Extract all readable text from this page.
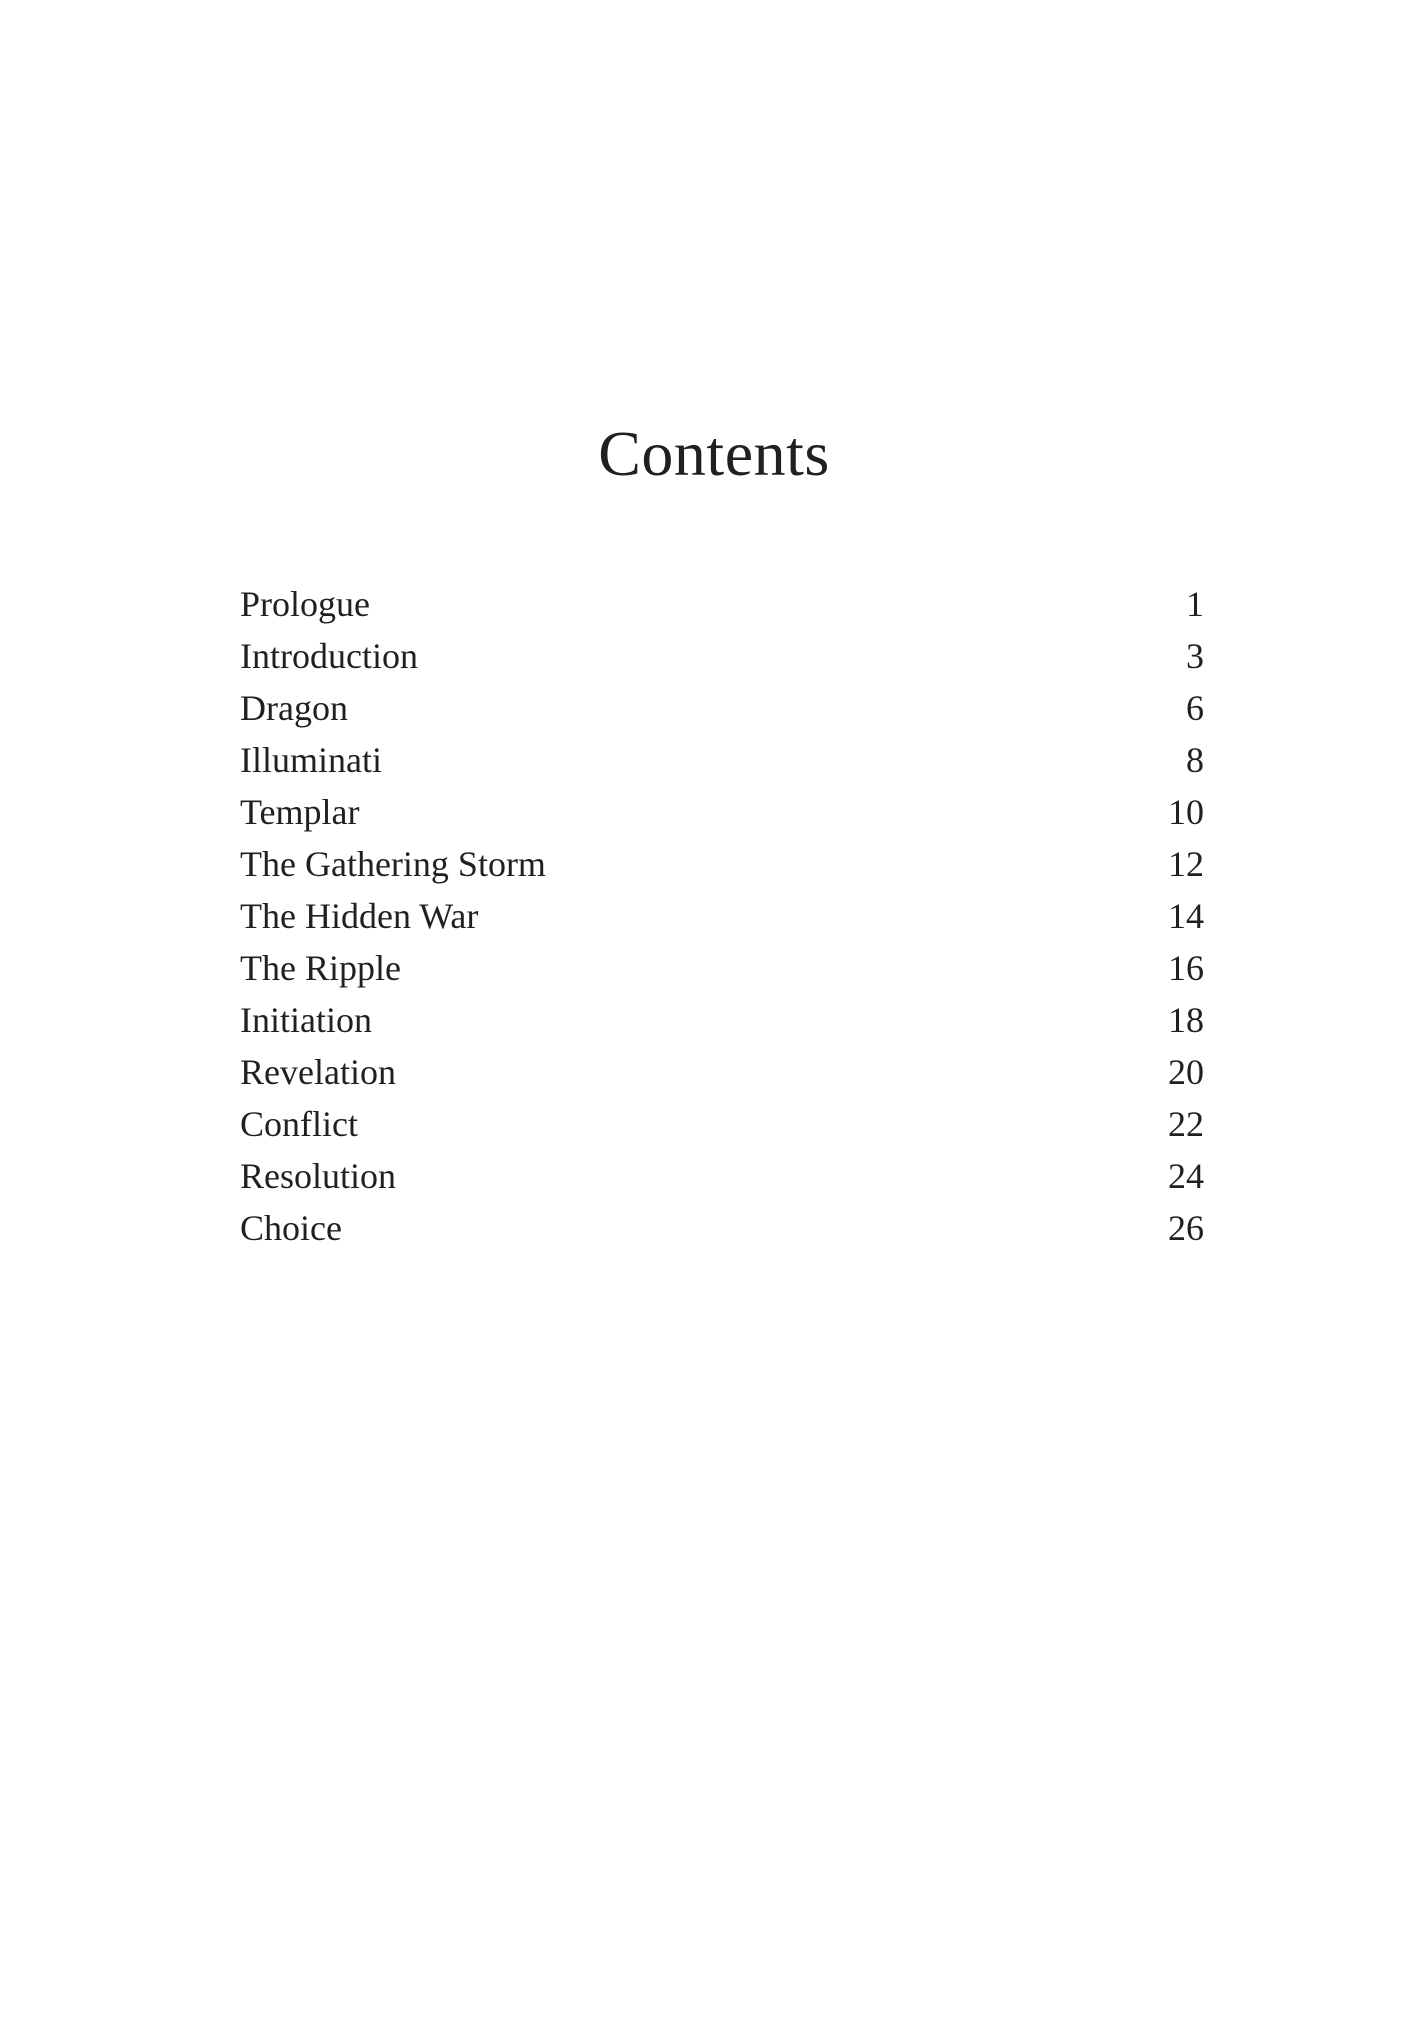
Contents
Prologue	1
Introduction	3
Dragon	6
Illuminati	8
Templar	10
The Gathering Storm	12
The Hidden War	14
The Ripple	16
Initiation	18
Revelation	20
Conflict	22
Resolution	24
Choice	26
